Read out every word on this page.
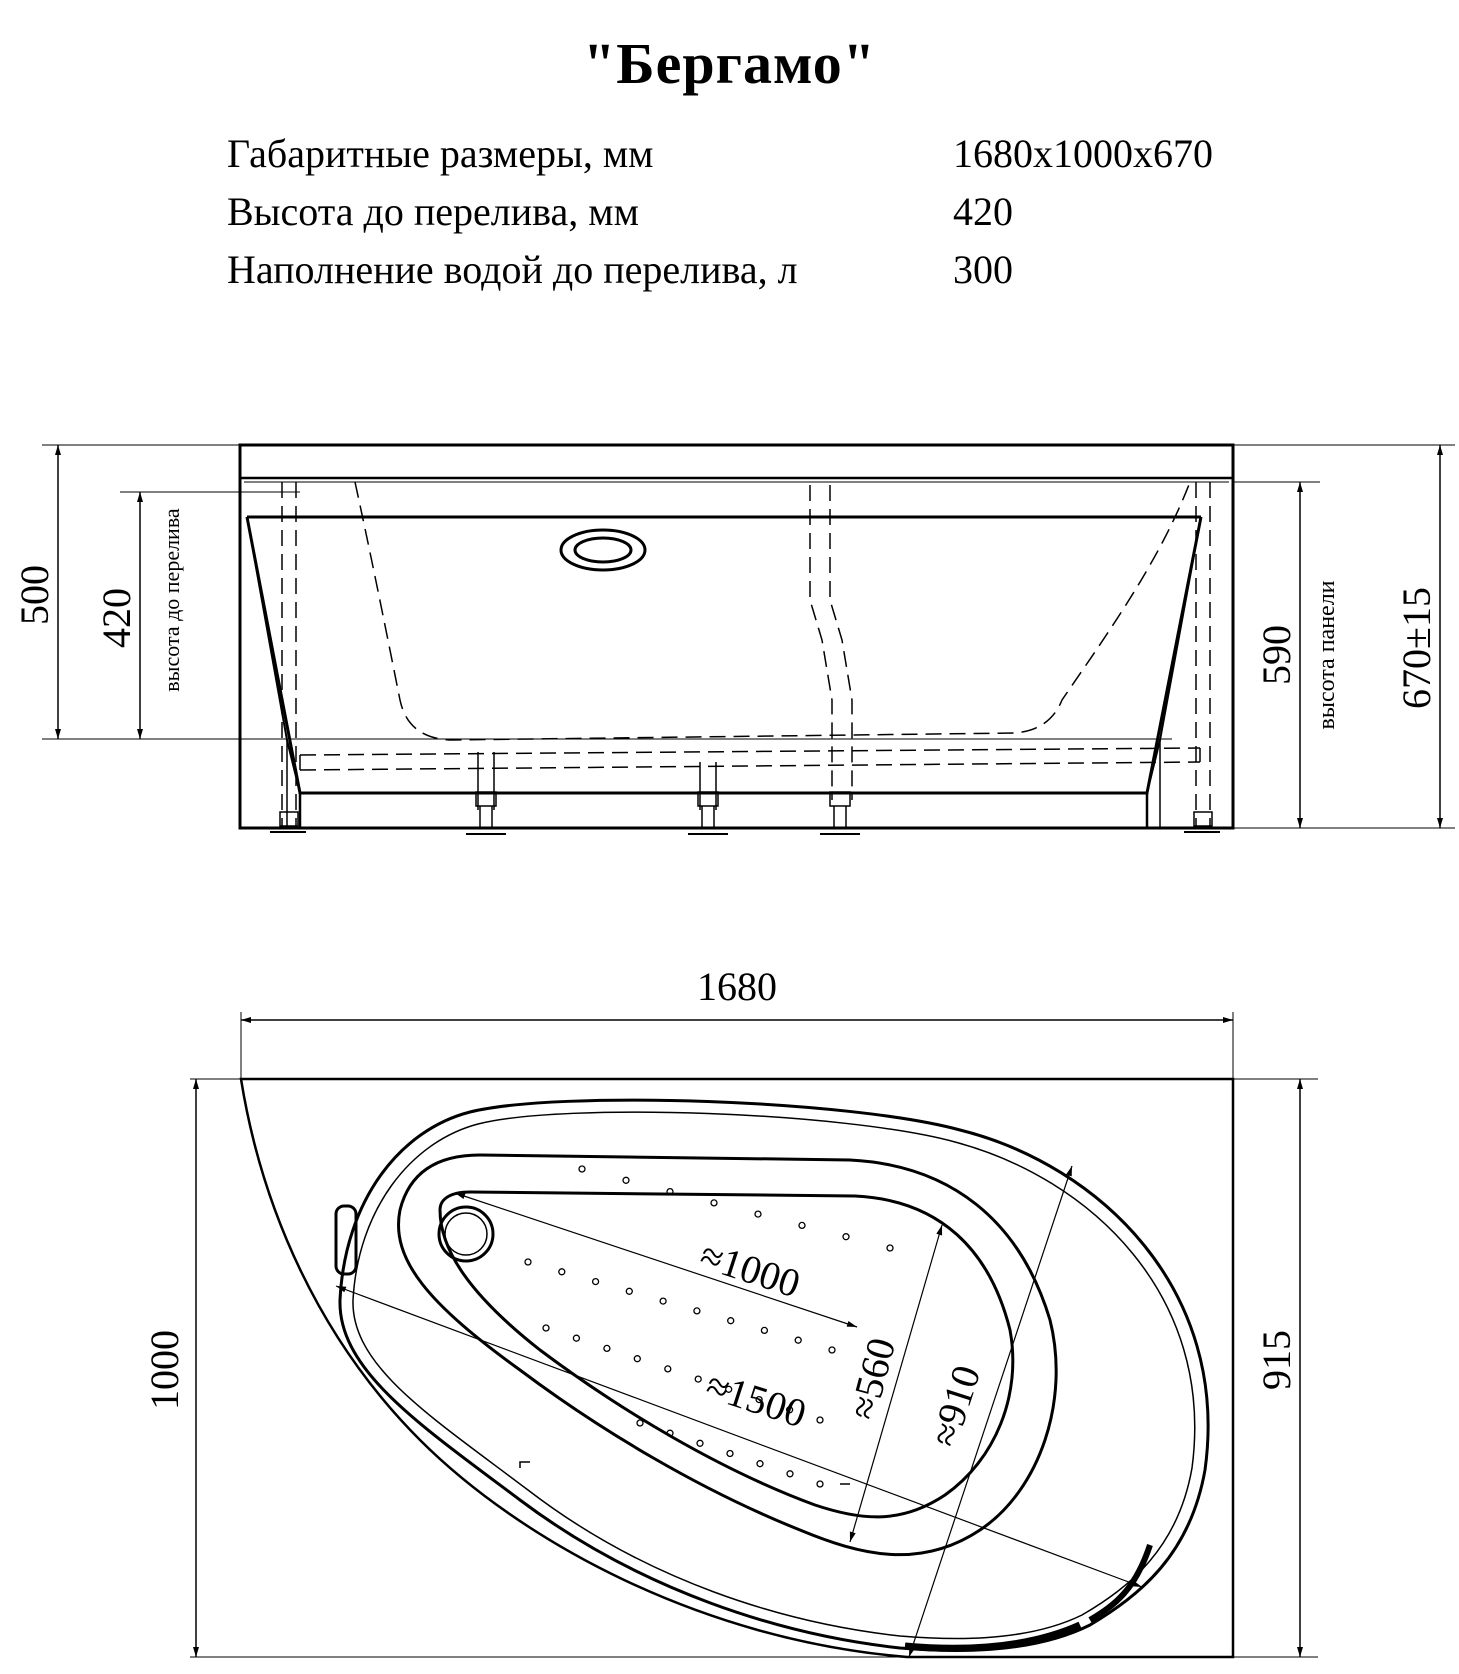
"Бергамо"
Габаритные размеры, мм	1680x1000x670
Высота до перелива, мм	420
Наполнение водой до перелива, л	300
500 420 высота до перелива	590 высота панели 670±15
1680
1000	915
≈1000
≈1500 ≈560 ≈910
